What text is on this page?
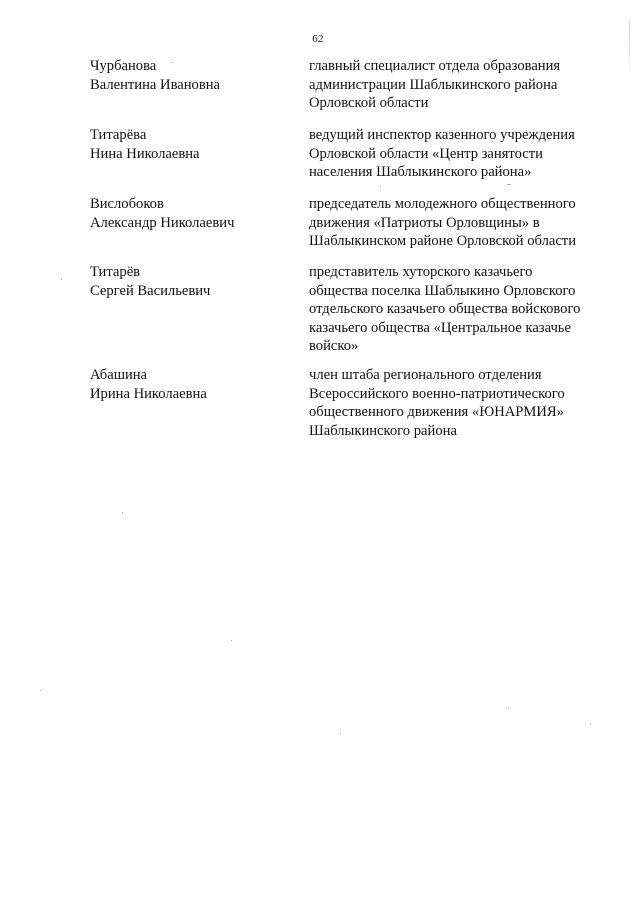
62
Чурбанова
Валентина Ивановна
главный специалист отдела образования
администрации Шаблыкинского района
Орловской области
Титарёва
Нина Николаевна
ведущий инспектор казенного учреждения
Орловской области «Центр занятости
населения Шаблыкинского района»
Вислобоков
Александр Николаевич
председатель молодежного общественного
движения «Патриоты Орловщины» в
Шаблыкинском районе Орловской области
Титарёв
Сергей Васильевич
представитель хуторского казачьего
общества поселка Шаблыкино Орловского
отдельского казачьего общества войскового
казачьего общества «Центральное казачье
войско»
Абашина
Ирина Николаевна
член штаба регионального отделения
Всероссийского военно-патриотического
общественного движения «ЮНАРМИЯ»
Шаблыкинского района
